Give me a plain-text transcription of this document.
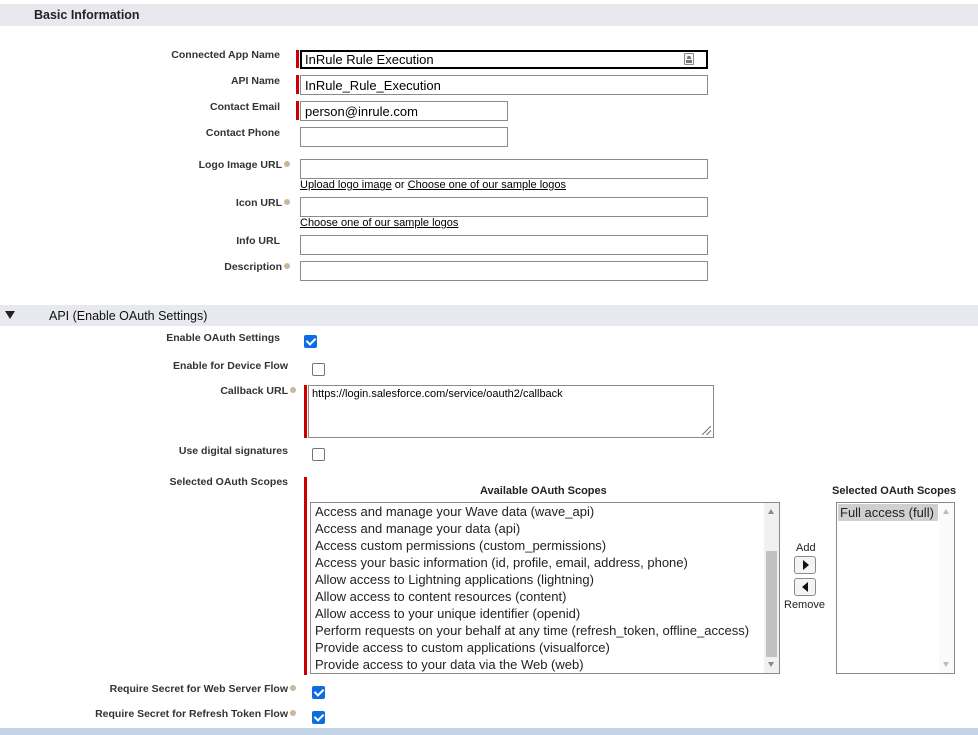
Basic Information
Connected App Name
InRule Rule Execution
API Name
InRule_Rule_Execution
Contact Email
person@inrule.com
Contact Phone
Logo Image URL
Upload logo image or Choose one of our sample logos
Icon URL
Choose one of our sample logos
Info URL
Description
API (Enable OAuth Settings)
Enable OAuth Settings
Enable for Device Flow
Callback URL
https://login.salesforce.com/service/oauth2/callback
Use digital signatures
Selected OAuth Scopes
Available OAuth Scopes	Selected OAuth Scopes
Access and manage your Wave data (wave_api)
Access and manage your data (api)
Access custom permissions (custom_permissions)
Access your basic information (id, profile, email, address, phone)
Allow access to Lightning applications (lightning)
Allow access to content resources (content)
Allow access to your unique identifier (openid)
Perform requests on your behalf at any time (refresh_token, offline_access)
Provide access to custom applications (visualforce)
Provide access to your data via the Web (web)
Add
Remove
Full access (full)
Require Secret for Web Server Flow
Require Secret for Refresh Token Flow
